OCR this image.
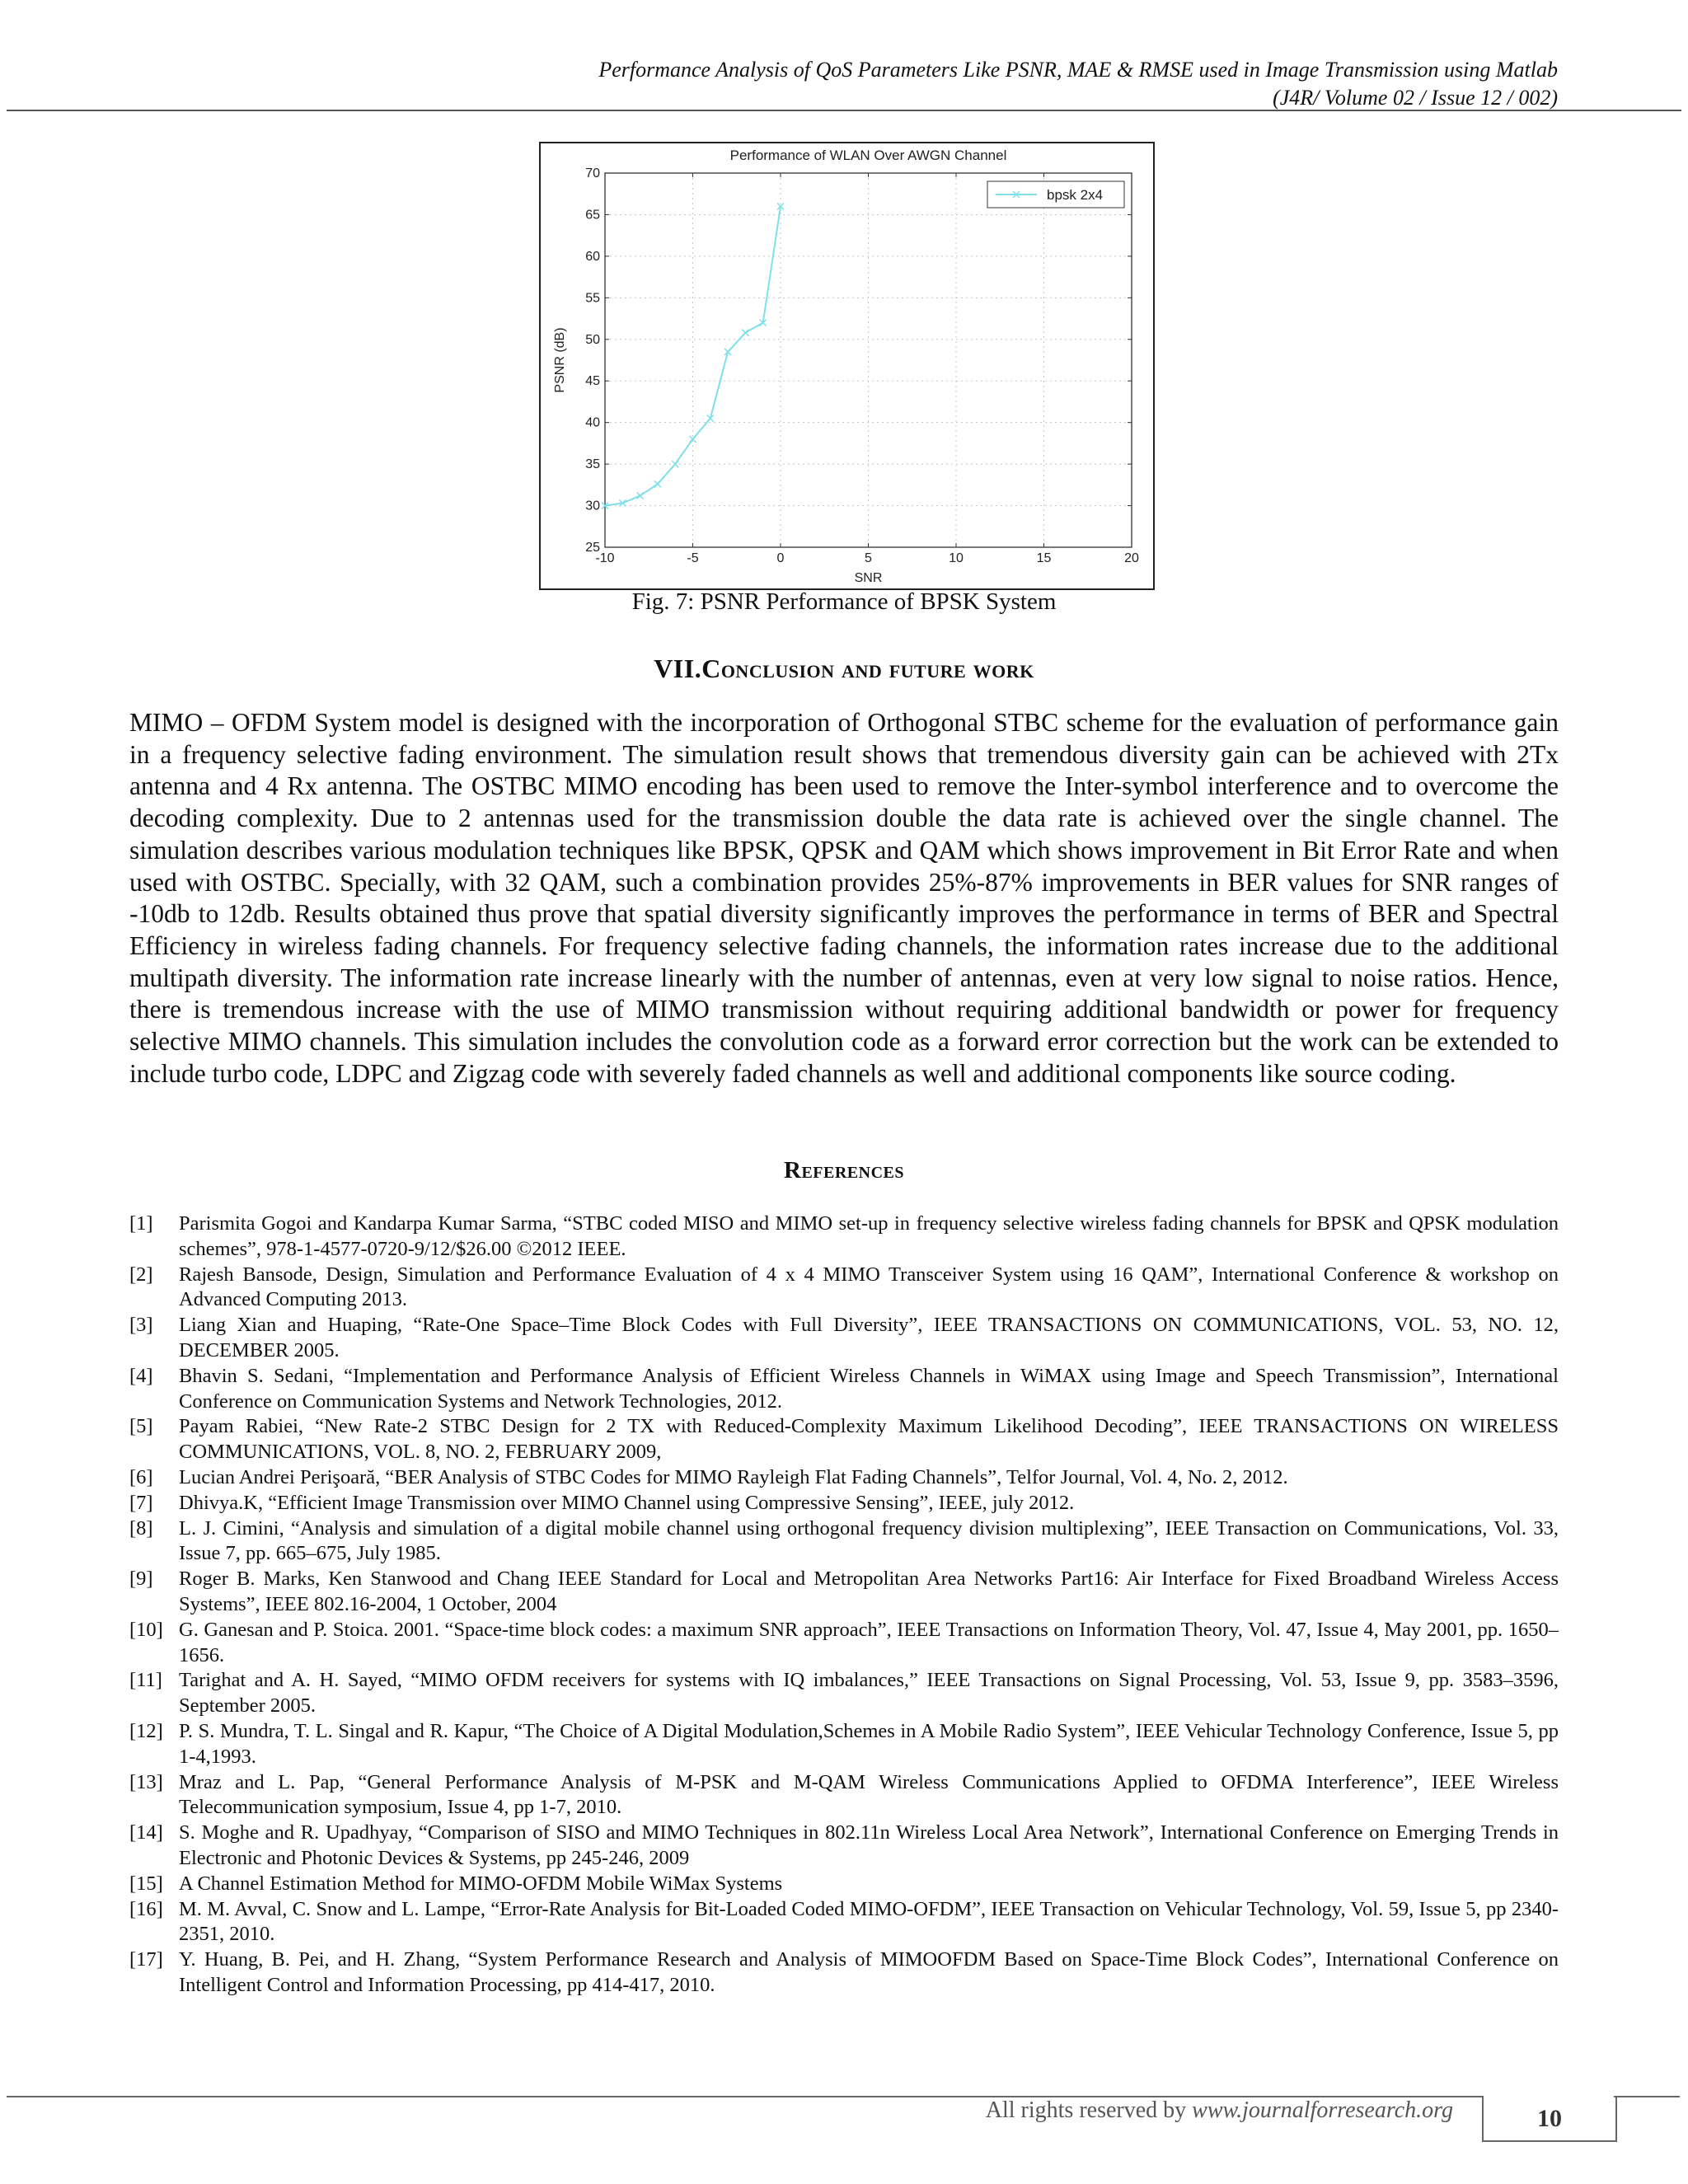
Performance Analysis of QoS Parameters Like PSNR, MAE & RMSE used in Image Transmission using Matlab
(J4R/ Volume 02 / Issue 12 / 002)
-10	-5	0	5	10	15	20
25
30
35
40
45
50
55
60
65
70
Performance of WLAN Over AWGN Channel
SNR
PSNR (dB)
bpsk 2x4
Fig. 7: PSNR Performance of BPSK System
VII.Conclusion and future work
MIMO – OFDM System model is designed with the incorporation of Orthogonal STBC scheme for the evaluation of performance gain in a frequency selective fading environment. The simulation result shows that tremendous diversity gain can be achieved with 2Tx antenna and 4 Rx antenna. The OSTBC MIMO encoding has been used to remove the Inter-symbol interference and to overcome the decoding complexity. Due to 2 antennas used for the transmission double the data rate is achieved over the single channel. The simulation describes various modulation techniques like BPSK, QPSK and QAM which shows improvement in Bit Error Rate and when used with OSTBC. Specially, with 32 QAM, such a combination provides 25%-87% improvements in BER values for SNR ranges of -10db to 12db. Results obtained thus prove that spatial diversity significantly improves the performance in terms of BER and Spectral Efficiency in wireless fading channels. For frequency selective fading channels, the information rates increase due to the additional multipath diversity. The information rate increase linearly with the number of antennas, even at very low signal to noise ratios. Hence, there is tremendous increase with the use of MIMO transmission without requiring additional bandwidth or power for frequency selective MIMO channels. This simulation includes the convolution code as a forward error correction but the work can be extended to include turbo code, LDPC and Zigzag code with severely faded channels as well and additional components like source coding.
References
[1]	Parismita Gogoi and Kandarpa Kumar Sarma, “STBC coded MISO and MIMO set-up in frequency selective wireless fading channels for BPSK and QPSK modulation schemes”, 978-1-4577-0720-9/12/$26.00 ©2012 IEEE.
[2]	Rajesh Bansode, Design, Simulation and Performance Evaluation of 4 x 4 MIMO Transceiver System using 16 QAM”, International Conference & workshop on Advanced Computing 2013.
[3]	Liang Xian and Huaping, “Rate-One Space–Time Block Codes with Full Diversity”, IEEE TRANSACTIONS ON COMMUNICATIONS, VOL. 53, NO. 12, DECEMBER 2005.
[4]	Bhavin S. Sedani, “Implementation and Performance Analysis of Efficient Wireless Channels in WiMAX using Image and Speech Transmission”, International Conference on Communication Systems and Network Technologies, 2012.
[5]	Payam Rabiei, “New Rate-2 STBC Design for 2 TX with Reduced-Complexity Maximum Likelihood Decoding”, IEEE TRANSACTIONS ON WIRELESS COMMUNICATIONS, VOL. 8, NO. 2, FEBRUARY 2009,
[6]	Lucian Andrei Perişoară, “BER Analysis of STBC Codes for MIMO Rayleigh Flat Fading Channels”, Telfor Journal, Vol. 4, No. 2, 2012.
[7]	Dhivya.K, “Efficient Image Transmission over MIMO Channel using Compressive Sensing”, IEEE, july 2012.
[8]	L. J. Cimini, “Analysis and simulation of a digital mobile channel using orthogonal frequency division multiplexing”, IEEE Transaction on Communications, Vol. 33, Issue 7, pp. 665–675, July 1985.
[9]	Roger B. Marks, Ken Stanwood and Chang IEEE Standard for Local and Metropolitan Area Networks Part16: Air Interface for Fixed Broadband Wireless Access Systems”, IEEE 802.16-2004, 1 October, 2004
[10] G. Ganesan and P. Stoica. 2001. “Space-time block codes: a maximum SNR approach”, IEEE Transactions on Information Theory, Vol. 47, Issue 4, May 2001, pp. 1650–1656.
[11] Tarighat and A. H. Sayed, “MIMO OFDM receivers for systems with IQ imbalances,” IEEE Transactions on Signal Processing, Vol. 53, Issue 9, pp. 3583–3596, September 2005.
[12] P. S. Mundra, T. L. Singal and R. Kapur, “The Choice of A Digital Modulation,Schemes in A Mobile Radio System”, IEEE Vehicular Technology Conference, Issue 5, pp 1-4,1993.
[13] Mraz and L. Pap, “General Performance Analysis of M-PSK and M-QAM Wireless Communications Applied to OFDMA Interference”, IEEE Wireless Telecommunication symposium, Issue 4, pp 1-7, 2010.
[14] S. Moghe and R. Upadhyay, “Comparison of SISO and MIMO Techniques in 802.11n Wireless Local Area Network”, International Conference on Emerging Trends in Electronic and Photonic Devices & Systems, pp 245-246, 2009
[15] A Channel Estimation Method for MIMO-OFDM Mobile WiMax Systems
[16] M. M. Avval, C. Snow and L. Lampe, “Error-Rate Analysis for Bit-Loaded Coded MIMO-OFDM”, IEEE Transaction on Vehicular Technology, Vol. 59, Issue 5, pp 2340- 2351, 2010.
[17] Y. Huang, B. Pei, and H. Zhang, “System Performance Research and Analysis of MIMOOFDM Based on Space-Time Block Codes”, International Conference on Intelligent Control and Information Processing, pp 414-417, 2010.
All rights reserved by www.journalforresearch.org	10
